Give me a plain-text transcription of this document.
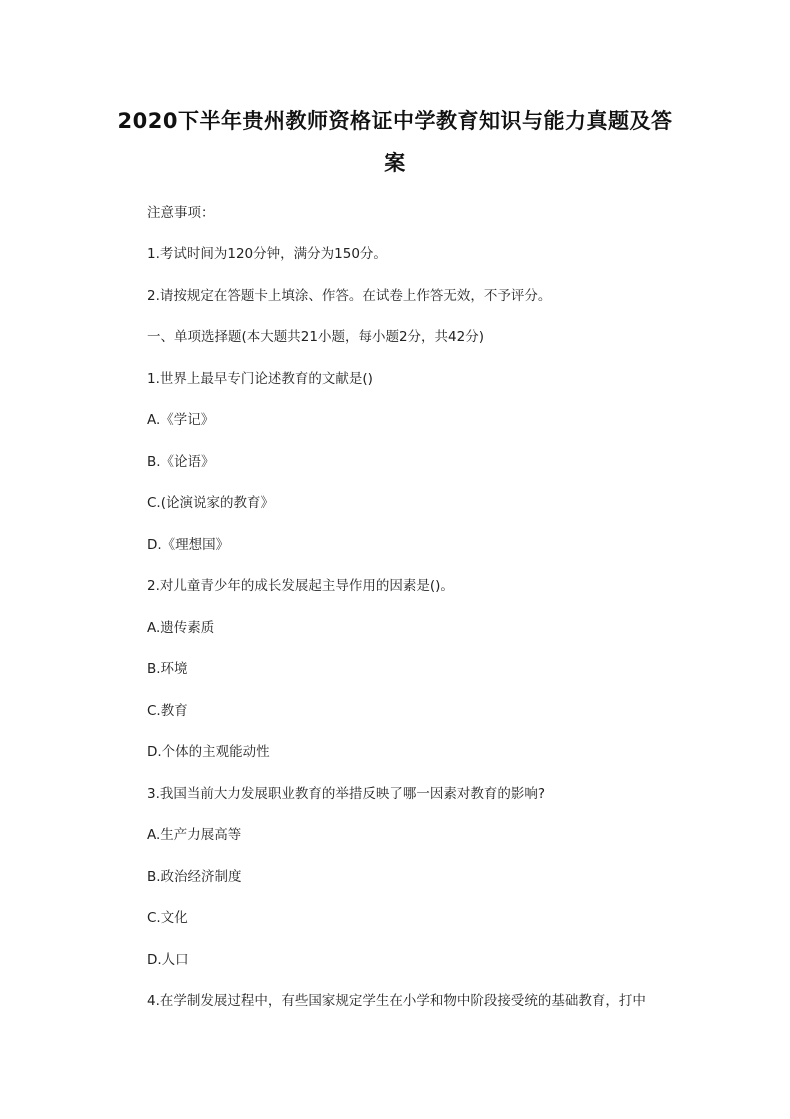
2020下半年贵州教师资格证中学教育知识与能力真题及答
案
注意事项：
1.考试时间为120分钟，满分为150分。
2.请按规定在答题卡上填涂、作答。在试卷上作答无效，不予评分。
一、单项选择题(本大题共21小题，每小题2分，共42分)
1.世界上最早专门论述教育的文献是()
A.《学记》
B.《论语》
C.(论演说家的教育》
D.《理想国》
2.对儿童青少年的成长发展起主导作用的因素是()。
A.遗传素质
B.环境
C.教育
D.个体的主观能动性
3.我国当前大力发展职业教育的举措反映了哪一因素对教育的影响?
A.生产力展高等
B.政治经济制度
C.文化
D.人口
4.在学制发展过程中，有些国家规定学生在小学和物中阶段接受统的基础教育，打中
